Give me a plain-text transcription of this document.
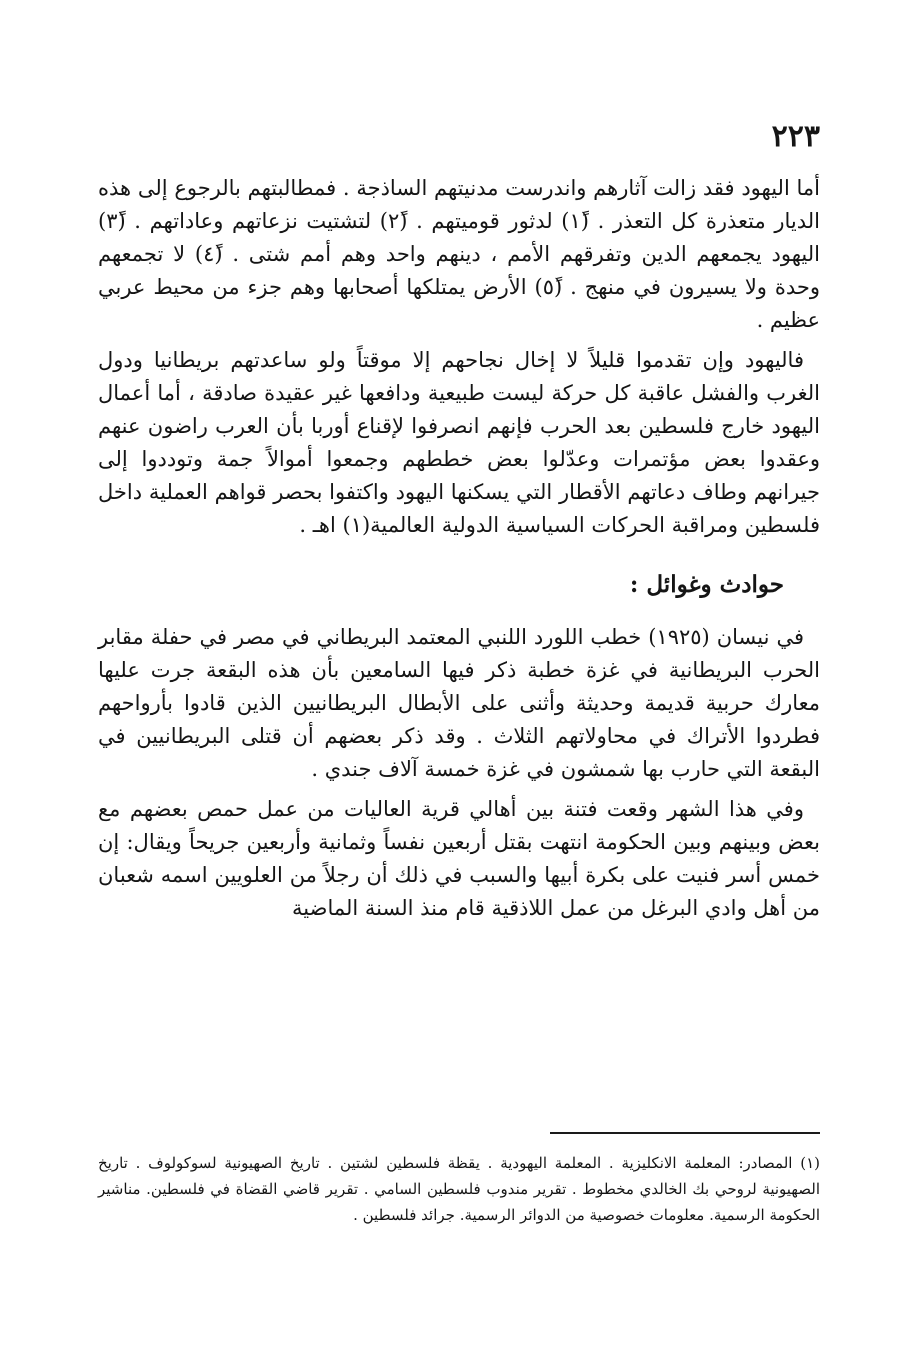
٢٢٣

أما اليهود فقد زالت آثارهم واندرست مدنيتهم الساذجة . فمطالبتهم بالرجوع إلى هذه الديار متعذرة كل التعذر . (١ً) لدثور قوميتهم . (٢ً) لتشتيت نزعاتهم وعاداتهم . (٣ً) اليهود يجمعهم الدين وتفرقهم الأمم ، دينهم واحد وهم أمم شتى . (٤ً) لا تجمعهم وحدة ولا يسيرون في منهج . (٥ً) الأرض يمتلكها أصحابها وهم جزء من محيط عربي عظيم .

فاليهود وإن تقدموا قليلاً لا إخال نجاحهم إلا موقتاً ولو ساعدتهم بريطانيا ودول الغرب والفشل عاقبة كل حركة ليست طبيعية ودافعها غير عقيدة صادقة ، أما أعمال اليهود خارج فلسطين بعد الحرب فإنهم انصرفوا لإقناع أوربا بأن العرب راضون عنهم وعقدوا بعض مؤتمرات وعدّلوا بعض خططهم وجمعوا أموالاً جمة وتوددوا إلى جيرانهم وطاف دعاتهم الأقطار التي يسكنها اليهود واكتفوا بحصر قواهم العملية داخل فلسطين ومراقبة الحركات السياسية الدولية العالمية(١) اهـ .

حوادث وغوائل :

في نيسان (١٩٢٥) خطب اللورد اللنبي المعتمد البريطاني في مصر في حفلة مقابر الحرب البريطانية في غزة خطبة ذكر فيها السامعين بأن هذه البقعة جرت عليها معارك حربية قديمة وحديثة وأثنى على الأبطال البريطانيين الذين قادوا بأرواحهم فطردوا الأتراك في محاولاتهم الثلاث . وقد ذكر بعضهم أن قتلى البريطانيين في البقعة التي حارب بها شمشون في غزة خمسة آلاف جندي .

وفي هذا الشهر وقعت فتنة بين أهالي قرية العاليات من عمل حمص بعضهم مع بعض وبينهم وبين الحكومة انتهت بقتل أربعين نفساً وثمانية وأربعين جريحاً ويقال: إن خمس أسر فنيت على بكرة أبيها والسبب في ذلك أن رجلاً من العلويين اسمه شعبان من أهل وادي البرغل من عمل اللاذقية قام منذ السنة الماضية

(١) المصادر: المعلمة الانكليزية . المعلمة اليهودية . يقظة فلسطين لشتين . تاريخ الصهيونية لسوكولوف . تاريخ الصهيونية لروحي بك الخالدي مخطوط . تقرير مندوب فلسطين السامي . تقرير قاضي القضاة في فلسطين. مناشير الحكومة الرسمية. معلومات خصوصية من الدوائر الرسمية. جرائد فلسطين .
